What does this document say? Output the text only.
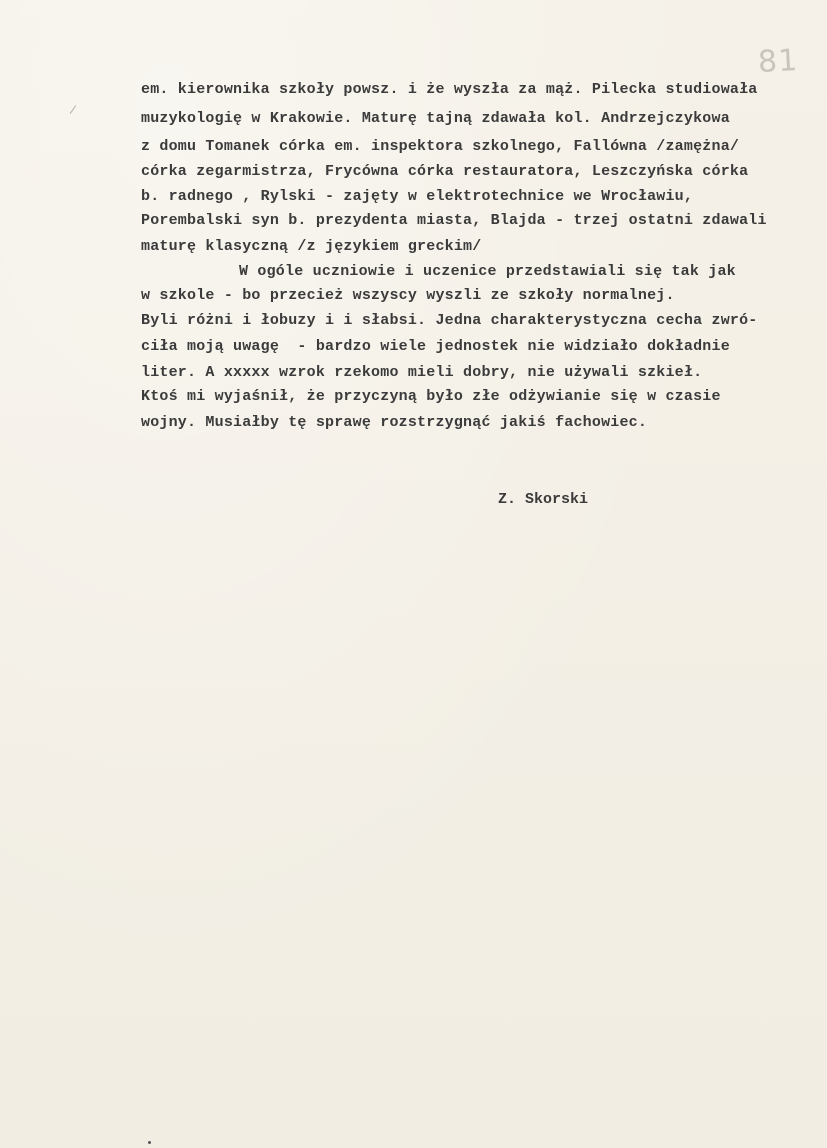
81
em. kierownika szkoły powsz. i że wyszła za mąż. Pilecka studiowała
muzykologię w Krakowie. Maturę tajną zdawała kol. Andrzejczykowa
z domu Tomanek córka em. inspektora szkolnego, Fallówna /zamężna/
córka zegarmistrza, Frycówna córka restauratora, Leszczyńska córka
b. radnego , Rylski - zajęty w elektrotechnice we Wrocławiu,
Porembalski syn b. prezydenta miasta, Blajda - trzej ostatni zdawali
maturę klasyczną /z językiem greckim/
W ogóle uczniowie i uczenice przedstawiali się tak jak
w szkole - bo przecież wszyscy wyszli ze szkoły normalnej.
Byli różni i łobuzy i i słabsi. Jedna charakterystyczna cecha zwró-
ciła moją uwagę  - bardzo wiele jednostek nie widziało dokładnie
liter. A xxxxx wzrok rzekomo mieli dobry, nie używali szkieł.
Ktoś mi wyjaśnił, że przyczyną było złe odżywianie się w czasie
wojny. Musiałby tę sprawę rozstrzygnąć jakiś fachowiec.
Z. Skorski
